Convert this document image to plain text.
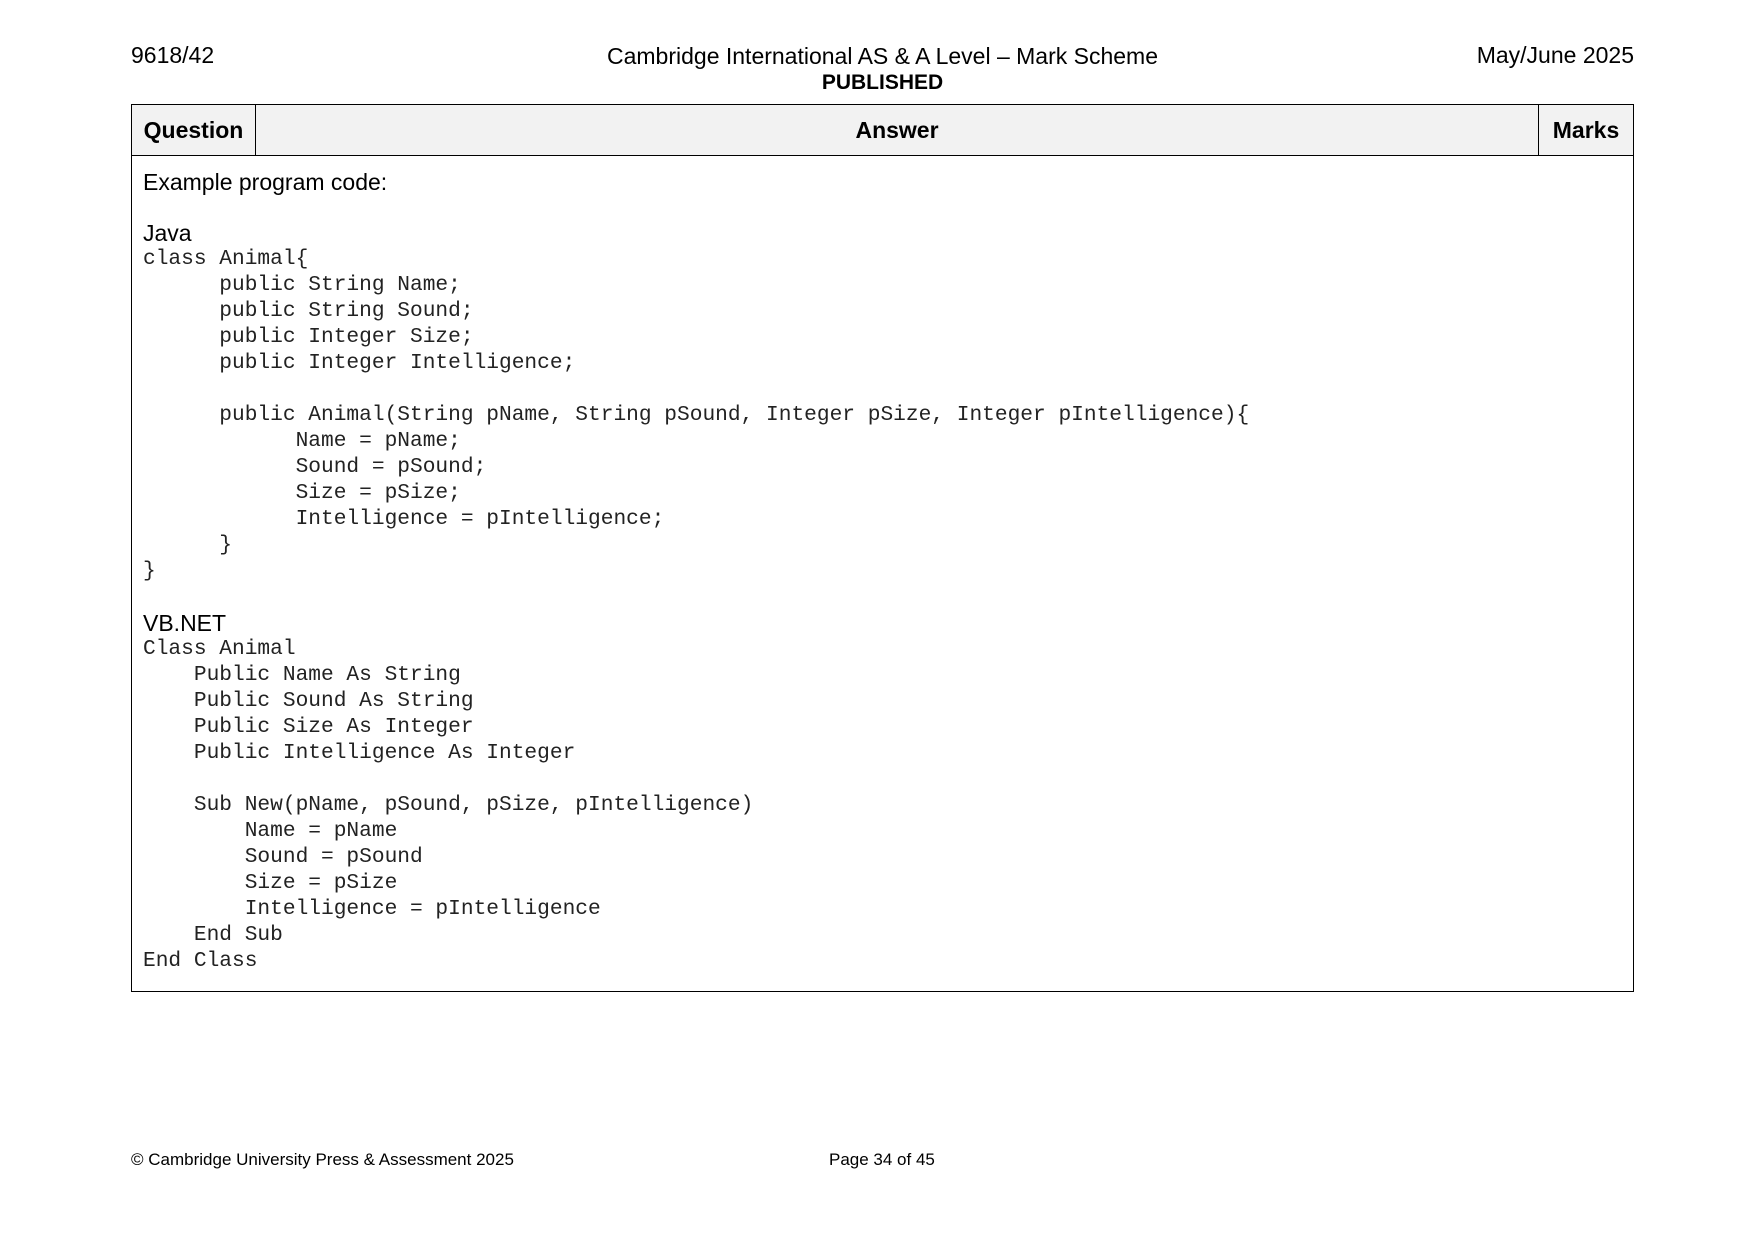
9618/42	Cambridge International AS & A Level – Mark Scheme
PUBLISHED
May/June 2025
Question	Answer	Marks

Example program code:

Java

class Animal{
public String Name;
public String Sound;
public Integer Size;
public Integer Intelligence;

public Animal(String pName, String pSound, Integer pSize, Integer pIntelligence){
Name = pName;
Sound = pSound;
Size = pSize;
Intelligence = pIntelligence;
}
}

VB.NET

Class Animal
Public Name As String
Public Sound As String
Public Size As Integer
Public Intelligence As Integer

Sub New(pName, pSound, pSize, pIntelligence)
Name = pName
Sound = pSound
Size = pSize
Intelligence = pIntelligence
End Sub
End Class
© Cambridge University Press & Assessment 2025	Page 34 of 45
